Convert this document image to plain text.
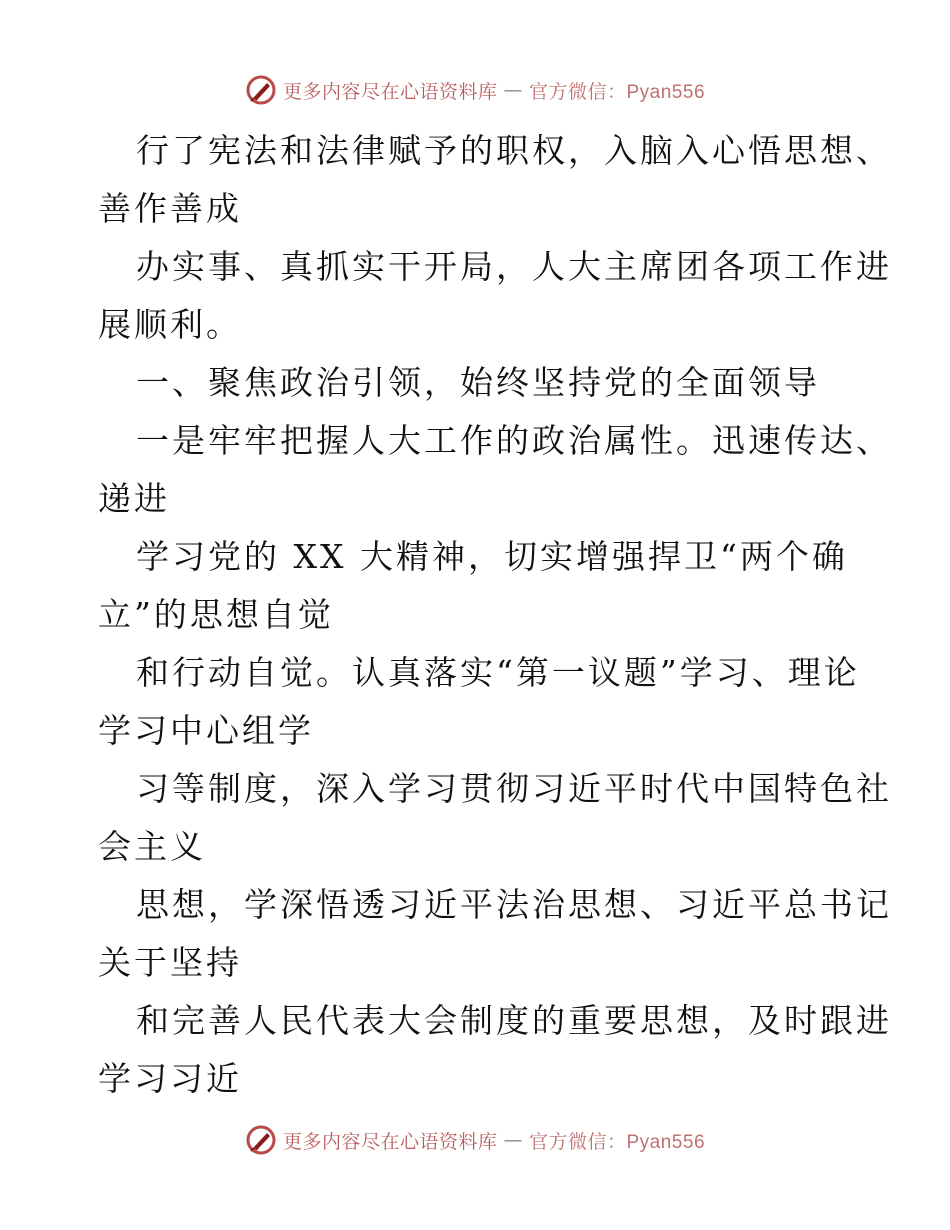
更多内容尽在心语资料库 — 官方微信：Pyan556
行了宪法和法律赋予的职权，入脑入心悟思想、
善作善成
办实事、真抓实干开局，人大主席团各项工作进
展顺利。
一、聚焦政治引领，始终坚持党的全面领导
一是牢牢把握人大工作的政治属性。迅速传达、
递进
学习党的 XX 大精神，切实增强捍卫“两个确
立”的思想自觉
和行动自觉。认真落实“第一议题”学习、理论
学习中心组学
习等制度，深入学习贯彻习近平时代中国特色社
会主义
思想，学深悟透习近平法治思想、习近平总书记
关于坚持
和完善人民代表大会制度的重要思想，及时跟进
学习习近
更多内容尽在心语资料库 — 官方微信：Pyan556
